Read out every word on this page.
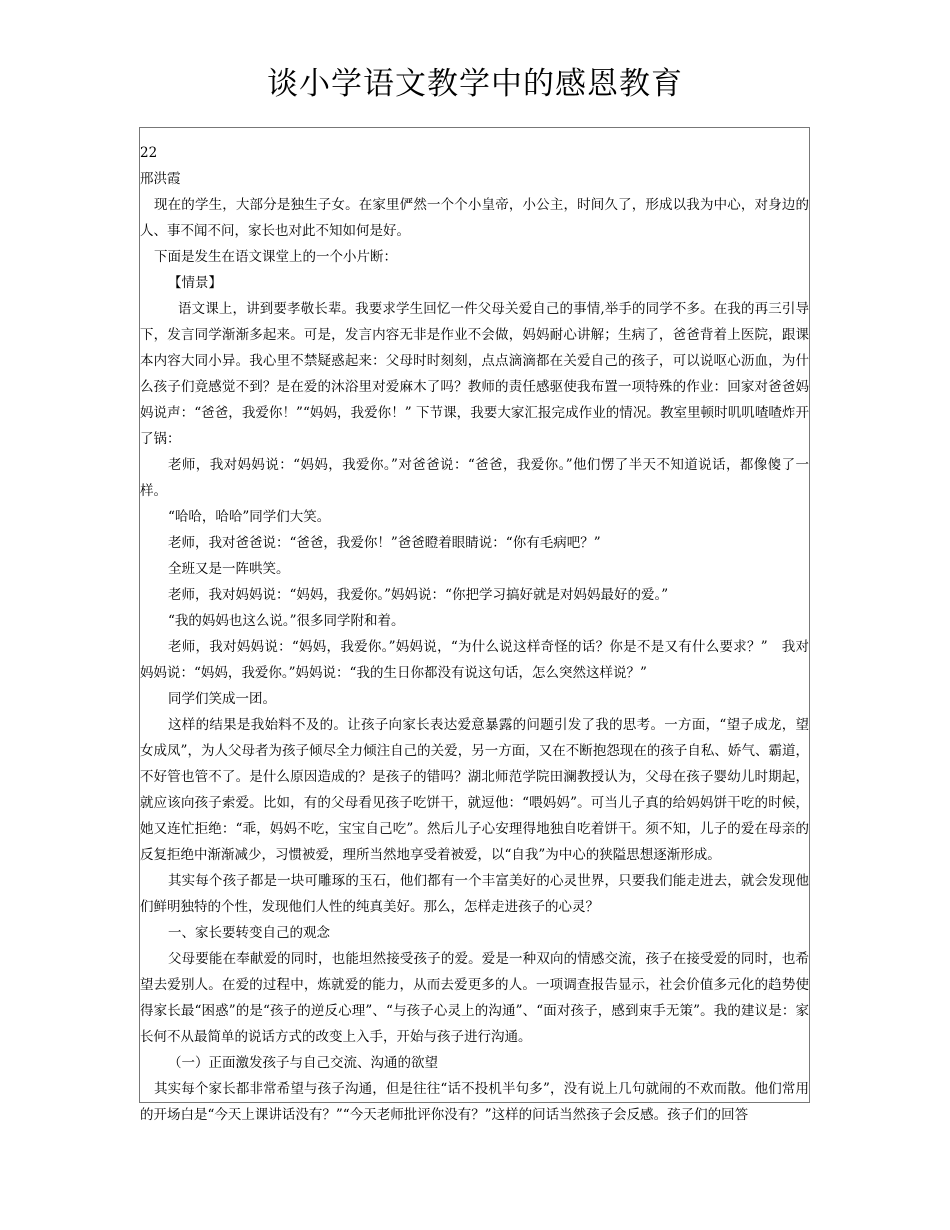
谈小学语文教学中的感恩教育

22

邢洪霞

现在的学生，大部分是独生子女。在家里俨然一个个小皇帝，小公主，时间久了，形成以我为中心，对身边的人、事不闻不问，家长也对此不知如何是好。

下面是发生在语文课堂上的一个小片断：

【情景】

语文课上，讲到要孝敬长辈。我要求学生回忆一件父母关爱自己的事情,举手的同学不多。在我的再三引导下，发言同学渐渐多起来。可是，发言内容无非是作业不会做，妈妈耐心讲解；生病了，爸爸背着上医院，跟课本内容大同小异。我心里不禁疑惑起来：父母时时刻刻，点点滴滴都在关爱自己的孩子，可以说呕心沥血，为什么孩子们竟感觉不到？是在爱的沐浴里对爱麻木了吗？教师的责任感驱使我布置一项特殊的作业：回家对爸爸妈妈说声：“爸爸，我爱你！”“妈妈，我爱你！” 下节课，我要大家汇报完成作业的情况。教室里顿时叽叽喳喳炸开了锅：

老师，我对妈妈说：“妈妈，我爱你。”对爸爸说：“爸爸，我爱你。”他们愣了半天不知道说话，都像傻了一样。

“哈哈，哈哈”同学们大笑。

老师，我对爸爸说：“爸爸，我爱你！”爸爸瞪着眼睛说：“你有毛病吧？”

全班又是一阵哄笑。

老师，我对妈妈说：“妈妈，我爱你。”妈妈说：“你把学习搞好就是对妈妈最好的爱。”

“我的妈妈也这么说。”很多同学附和着。

老师，我对妈妈说：“妈妈，我爱你。”妈妈说，“为什么说这样奇怪的话？你是不是又有什么要求？”　我对妈妈说：“妈妈，我爱你。”妈妈说：“我的生日你都没有说这句话，怎么突然这样说？”

同学们笑成一团。

这样的结果是我始料不及的。让孩子向家长表达爱意暴露的问题引发了我的思考。一方面，“望子成龙，望女成凤”，为人父母者为孩子倾尽全力倾注自己的关爱，另一方面，又在不断抱怨现在的孩子自私、娇气、霸道，不好管也管不了。是什么原因造成的？是孩子的错吗？湖北师范学院田澜教授认为，父母在孩子婴幼儿时期起，就应该向孩子索爱。比如，有的父母看见孩子吃饼干，就逗他：“喂妈妈”。可当儿子真的给妈妈饼干吃的时候，她又连忙拒绝：“乖，妈妈不吃，宝宝自己吃”。然后儿子心安理得地独自吃着饼干。须不知，儿子的爱在母亲的反复拒绝中渐渐减少，习惯被爱，理所当然地享受着被爱，以“自我”为中心的狭隘思想逐渐形成。

其实每个孩子都是一块可雕琢的玉石，他们都有一个丰富美好的心灵世界，只要我们能走进去，就会发现他们鲜明独特的个性，发现他们人性的纯真美好。那么，怎样走进孩子的心灵？

一、家长要转变自己的观念

父母要能在奉献爱的同时，也能坦然接受孩子的爱。爱是一种双向的情感交流，孩子在接受爱的同时，也希望去爱别人。在爱的过程中，炼就爱的能力，从而去爱更多的人。一项调查报告显示，社会价值多元化的趋势使得家长最“困惑”的是“孩子的逆反心理”、“与孩子心灵上的沟通”、“面对孩子，感到束手无策”。我的建议是：家长何不从最简单的说话方式的改变上入手，开始与孩子进行沟通。

（一）正面激发孩子与自己交流、沟通的欲望

其实每个家长都非常希望与孩子沟通，但是往往“话不投机半句多”，没有说上几句就闹的不欢而散。他们常用的开场白是“今天上课讲话没有？”“今天老师批评你没有？”这样的问话当然孩子会反感。孩子们的回答
